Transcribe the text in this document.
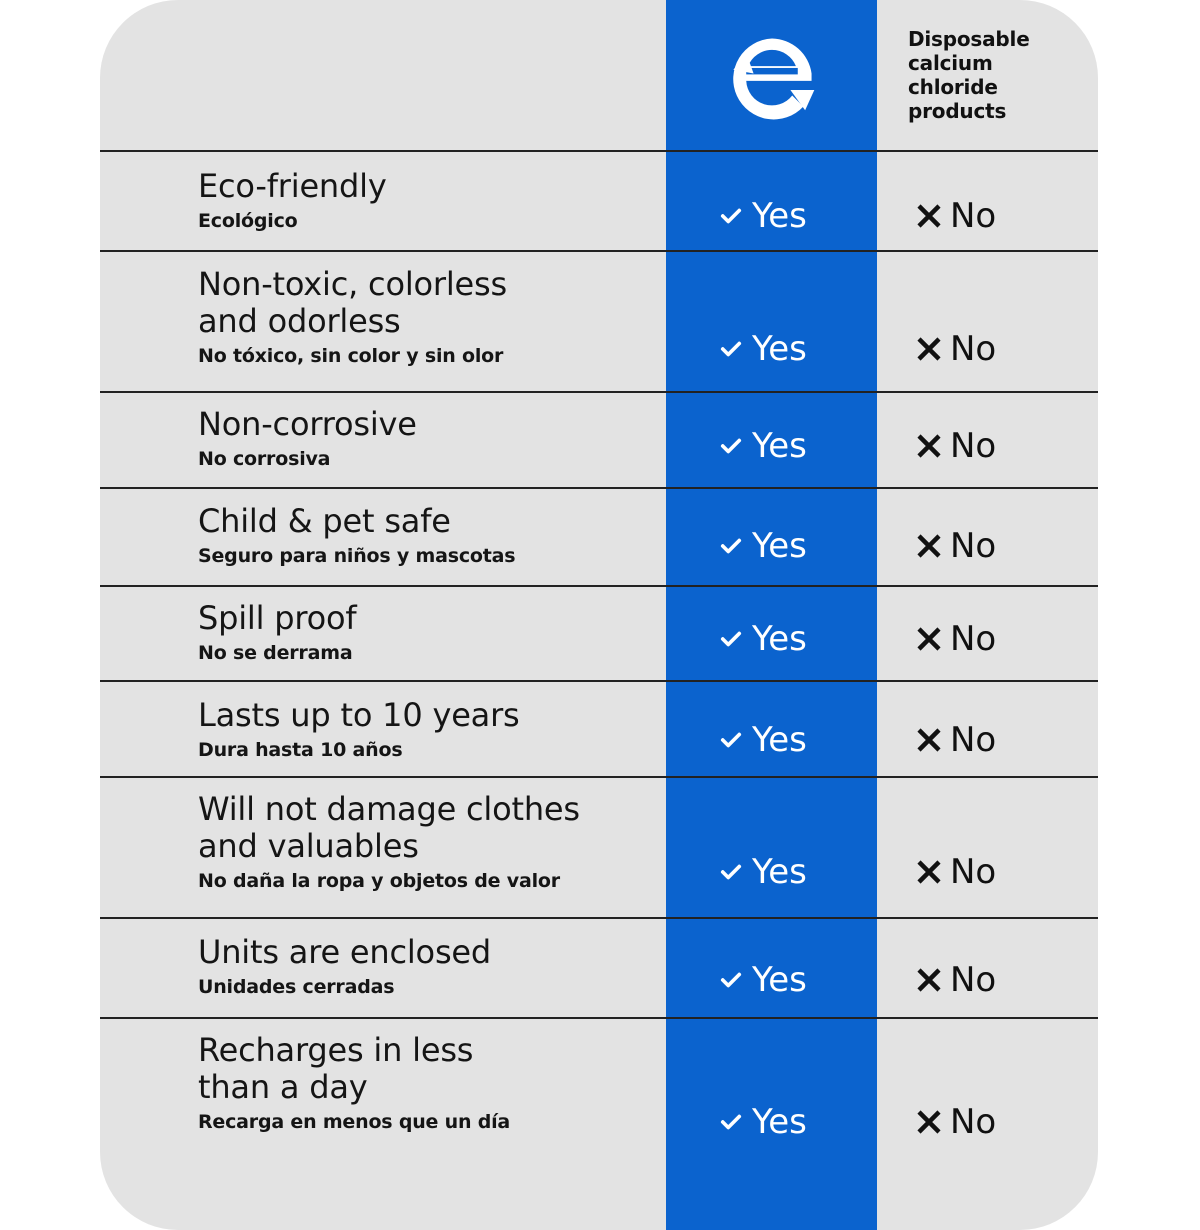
Disposable calcium chloride products
Eco-friendly
Ecológico	Yes	No
Non-toxic, colorless and odorless
No tóxico, sin color y sin olor	Yes	No
Non-corrosive
No corrosiva	Yes	No
Child & pet safe
Seguro para niños y mascotas	Yes	No
Spill proof
No se derrama	Yes	No
Lasts up to 10 years
Dura hasta 10 años	Yes	No
Will not damage clothes and valuables
No daña la ropa y objetos de valor	Yes	No
Units are enclosed
Unidades cerradas	Yes	No
Recharges in less than a day
Recarga en menos que un día	Yes	No
